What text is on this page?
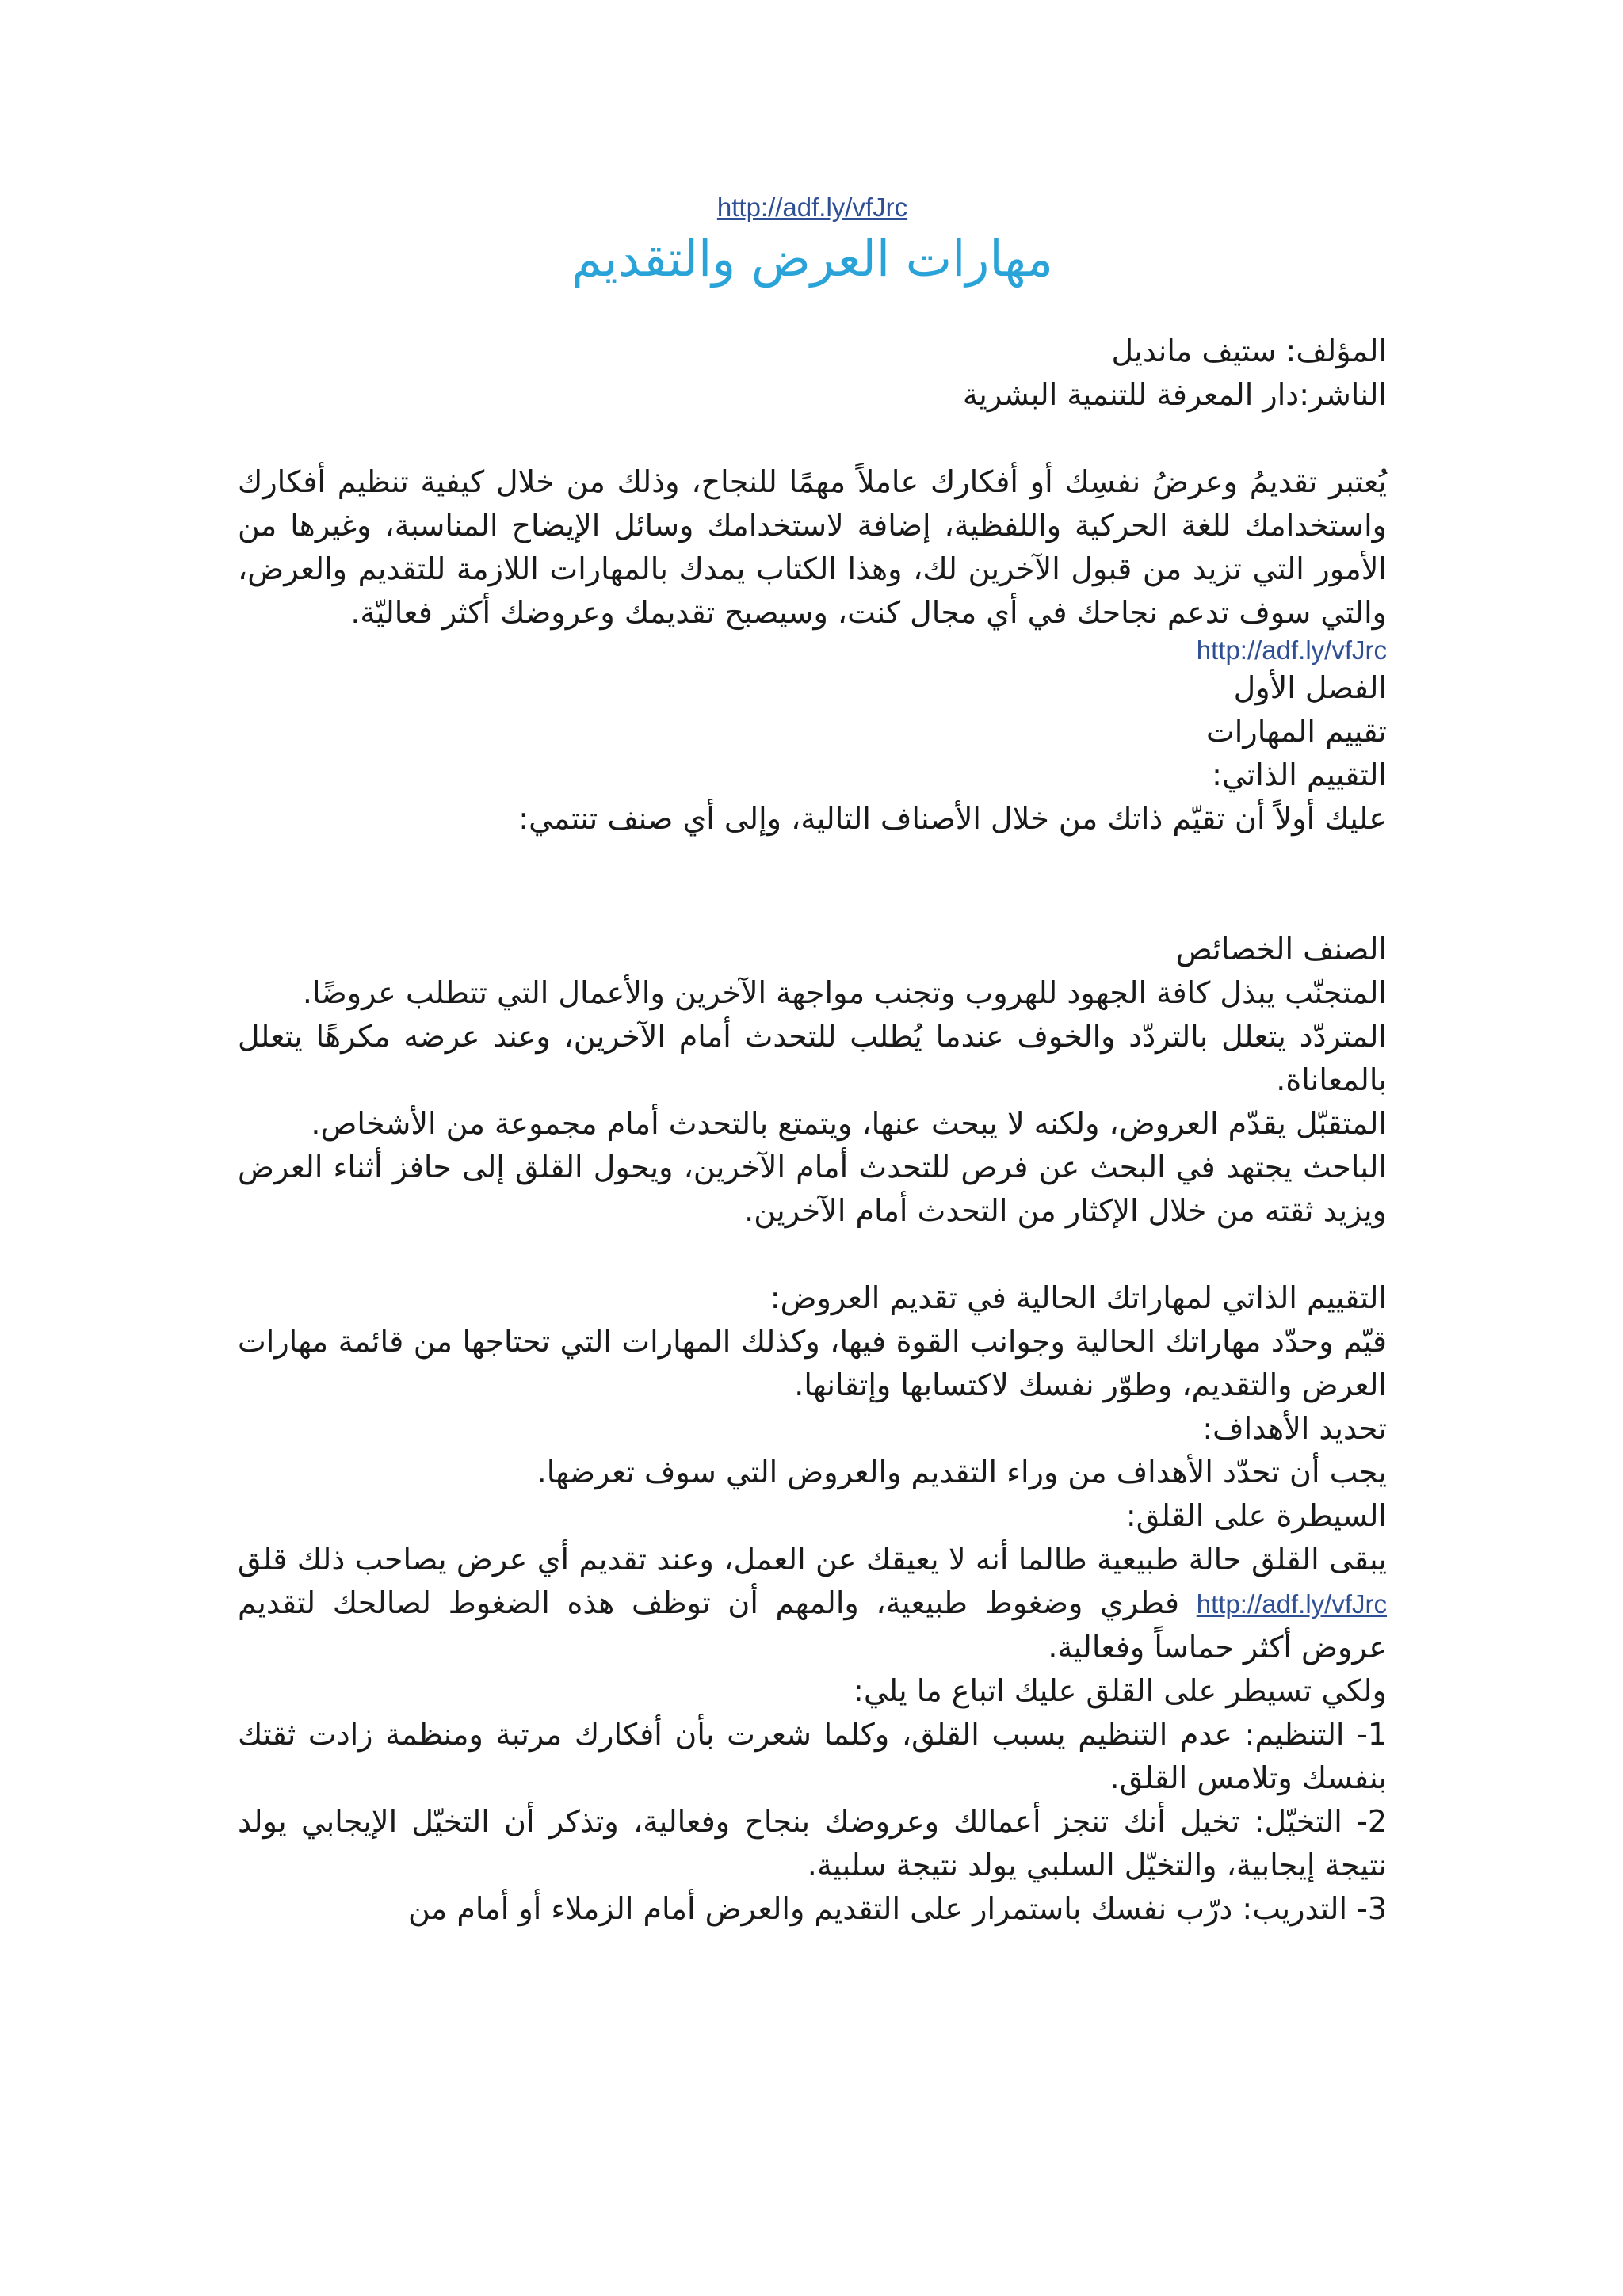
http://adf.ly/vfJrc
مهارات العرض والتقديم

المؤلف: ستيف مانديل

الناشر:دار المعرفة للتنمية البشرية

يُعتبر تقديمُ وعرضُ نفسِك أو أفكارك عاملاً مهمًا للنجاح، وذلك من خلال كيفية تنظيم أفكارك واستخدامك للغة الحركية واللفظية، إضافة لاستخدامك وسائل الإيضاح المناسبة، وغيرها من الأمور التي تزيد من قبول الآخرين لك، وهذا الكتاب يمدك بالمهارات اللازمة للتقديم والعرض، والتي سوف تدعم نجاحك في أي مجال كنت، وسيصبح تقديمك وعروضك أكثر فعاليّة.

http://adf.ly/vfJrc

الفصل الأول

تقييم المهارات

التقييم الذاتي:

عليك أولاً أن تقيّم ذاتك من خلال الأصناف التالية، وإلى أي صنف تنتمي:

الصنف الخصائص

المتجنّب يبذل كافة الجهود للهروب وتجنب مواجهة الآخرين والأعمال التي تتطلب عروضًا.

المتردّد يتعلل بالتردّد والخوف عندما يُطلب للتحدث أمام الآخرين، وعند عرضه مكرهًا يتعلل بالمعاناة.

المتقبّل يقدّم العروض، ولكنه لا يبحث عنها، ويتمتع بالتحدث أمام مجموعة من الأشخاص.

الباحث يجتهد في البحث عن فرص للتحدث أمام الآخرين، ويحول القلق إلى حافز أثناء العرض ويزيد ثقته من خلال الإكثار من التحدث أمام الآخرين.

التقييم الذاتي لمهاراتك الحالية في تقديم العروض:

قيّم وحدّد مهاراتك الحالية وجوانب القوة فيها، وكذلك المهارات التي تحتاجها من قائمة مهارات العرض والتقديم، وطوّر نفسك لاكتسابها وإتقانها.

تحديد الأهداف:

يجب أن تحدّد الأهداف من وراء التقديم والعروض التي سوف تعرضها.

السيطرة على القلق:

يبقى القلق حالة طبيعية طالما أنه لا يعيقك عن العمل، وعند تقديم أي عرض يصاحب ذلك قلق http://adf.ly/vfJrc فطري وضغوط طبيعية، والمهم أن توظف هذه الضغوط لصالحك لتقديم عروض أكثر حماساً وفعالية.

ولكي تسيطر على القلق عليك اتباع ما يلي:

1- التنظيم: عدم التنظيم يسبب القلق، وكلما شعرت بأن أفكارك مرتبة ومنظمة زادت ثقتك بنفسك وتلامس القلق.

2- التخيّل: تخيل أنك تنجز أعمالك وعروضك بنجاح وفعالية، وتذكر أن التخيّل الإيجابي يولد نتيجة إيجابية، والتخيّل السلبي يولد نتيجة سلبية.

3- التدريب: درّب نفسك باستمرار على التقديم والعرض أمام الزملاء أو أمام من
